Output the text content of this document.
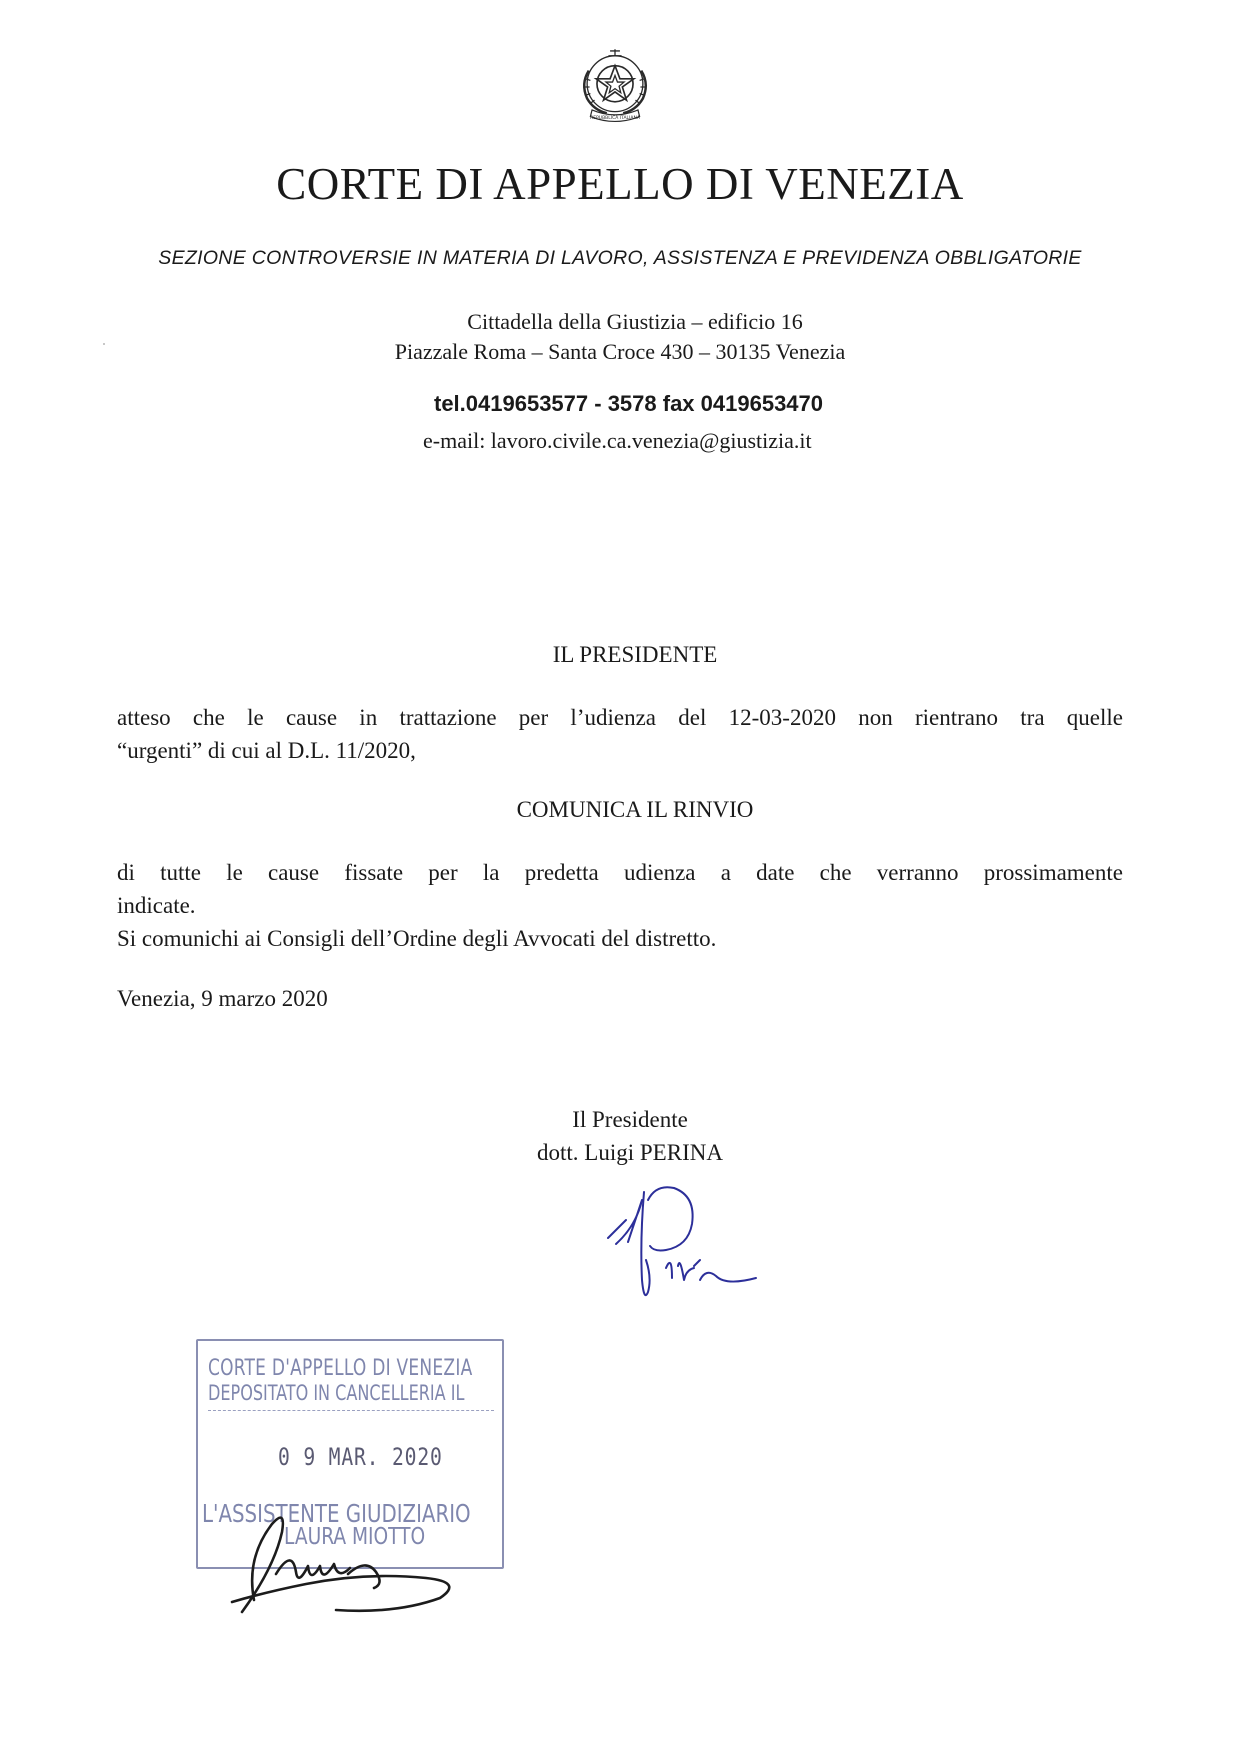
REPUBBLICA ITALIANA
CORTE DI APPELLO DI VENEZIA
SEZIONE CONTROVERSIE IN MATERIA DI LAVORO, ASSISTENZA E PREVIDENZA OBBLIGATORIE
Cittadella della Giustizia – edificio 16
Piazzale Roma – Santa Croce 430 – 30135 Venezia
tel.0419653577 - 3578 fax 0419653470
e-mail: lavoro.civile.ca.venezia@giustizia.it
IL PRESIDENTE
atteso che le cause in trattazione per l’udienza del 12-03-2020 non rientrano tra quelle
“urgenti” di cui al D.L. 11/2020,
COMUNICA IL RINVIO
di tutte le cause fissate per la predetta udienza a date che verranno prossimamente
indicate.
Si comunichi ai Consigli dell’Ordine degli Avvocati del distretto.
Venezia, 9 marzo 2020
Il Presidente
dott. Luigi PERINA
CORTE D'APPELLO DI VENEZIA
DEPOSITATO IN CANCELLERIA IL
0 9 MAR. 2020
L'ASSISTENTE GIUDIZIARIO
LAURA MIOTTO
